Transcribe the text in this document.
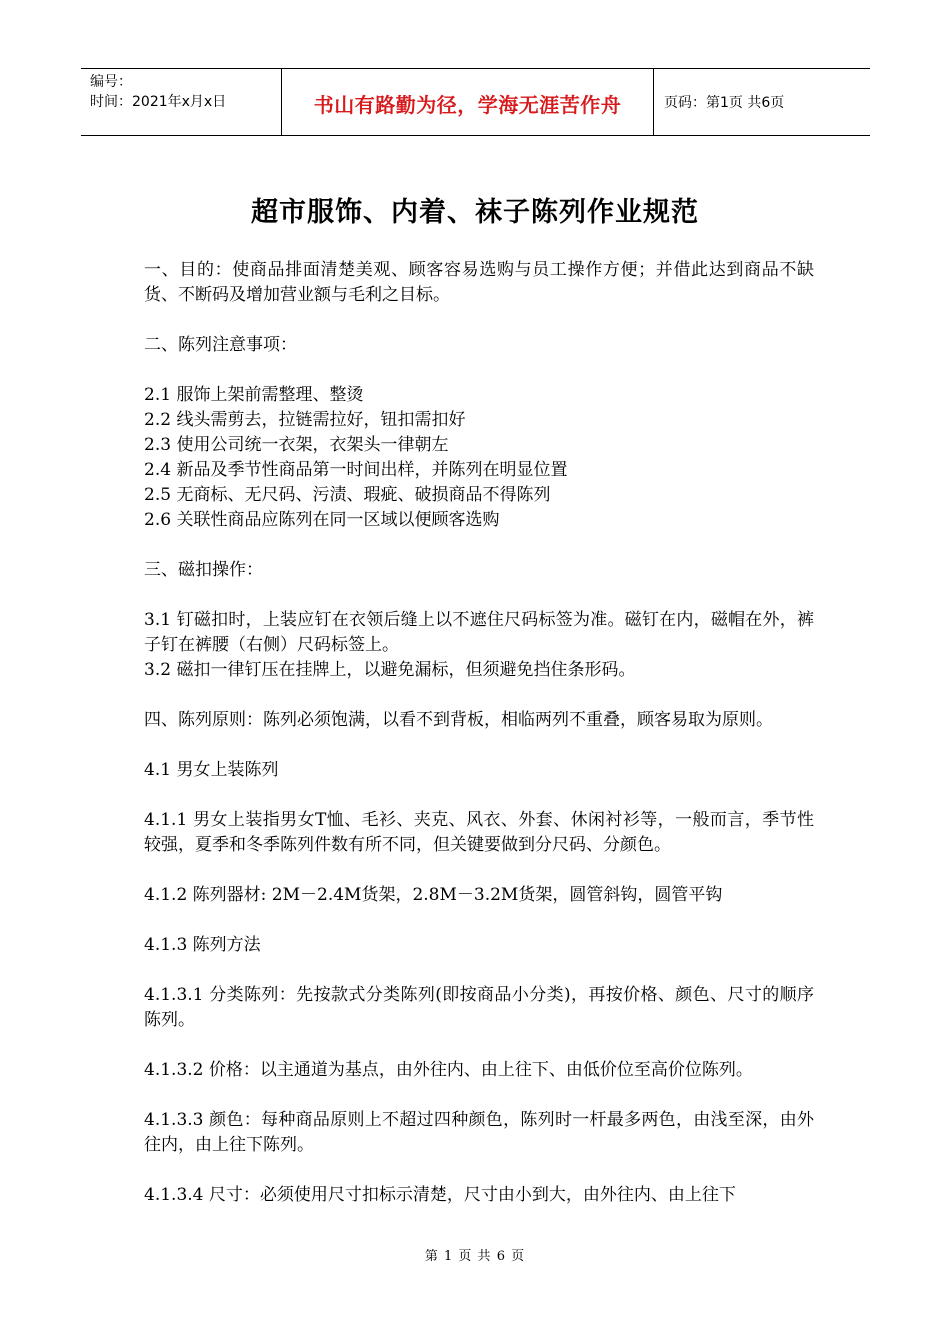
编号：
时间：2021年x月x日	书山有路勤为径，学海无涯苦作舟	页码：第1页 共6页
超市服饰、内着、袜子陈列作业规范

一、目的：使商品排面清楚美观、顾客容易选购与员工操作方便；并借此达到商品不缺货、不断码及增加营业额与毛利之目标。

二、陈列注意事项：

2.1 服饰上架前需整理、整烫

2.2 线头需剪去，拉链需拉好，钮扣需扣好

2.3 使用公司统一衣架，衣架头一律朝左

2.4 新品及季节性商品第一时间出样，并陈列在明显位置

2.5 无商标、无尺码、污渍、瑕疵、破损商品不得陈列

2.6 关联性商品应陈列在同一区域以便顾客选购

三、磁扣操作：

3.1 钉磁扣时，上装应钉在衣领后缝上以不遮住尺码标签为准。磁钉在内，磁帽在外，裤子钉在裤腰（右侧）尺码标签上。

3.2 磁扣一律钉压在挂牌上，以避免漏标，但须避免挡住条形码。

四、陈列原则：陈列必须饱满，以看不到背板，相临两列不重叠，顾客易取为原则。

4.1 男女上装陈列

4.1.1 男女上装指男女T恤、毛衫、夹克、风衣、外套、休闲衬衫等，一般而言，季节性较强，夏季和冬季陈列件数有所不同，但关键要做到分尺码、分颜色。

4.1.2 陈列器材: 2M－2.4M货架，2.8M－3.2M货架，圆管斜钩，圆管平钩

4.1.3 陈列方法

4.1.3.1 分类陈列：先按款式分类陈列(即按商品小分类)，再按价格、颜色、尺寸的顺序陈列。

4.1.3.2 价格：以主通道为基点，由外往内、由上往下、由低价位至高价位陈列。

4.1.3.3 颜色：每种商品原则上不超过四种颜色，陈列时一杆最多两色，由浅至深，由外往内，由上往下陈列。

4.1.3.4 尺寸：必须使用尺寸扣标示清楚，尺寸由小到大，由外往内、由上往下

第 1 页 共 6 页
